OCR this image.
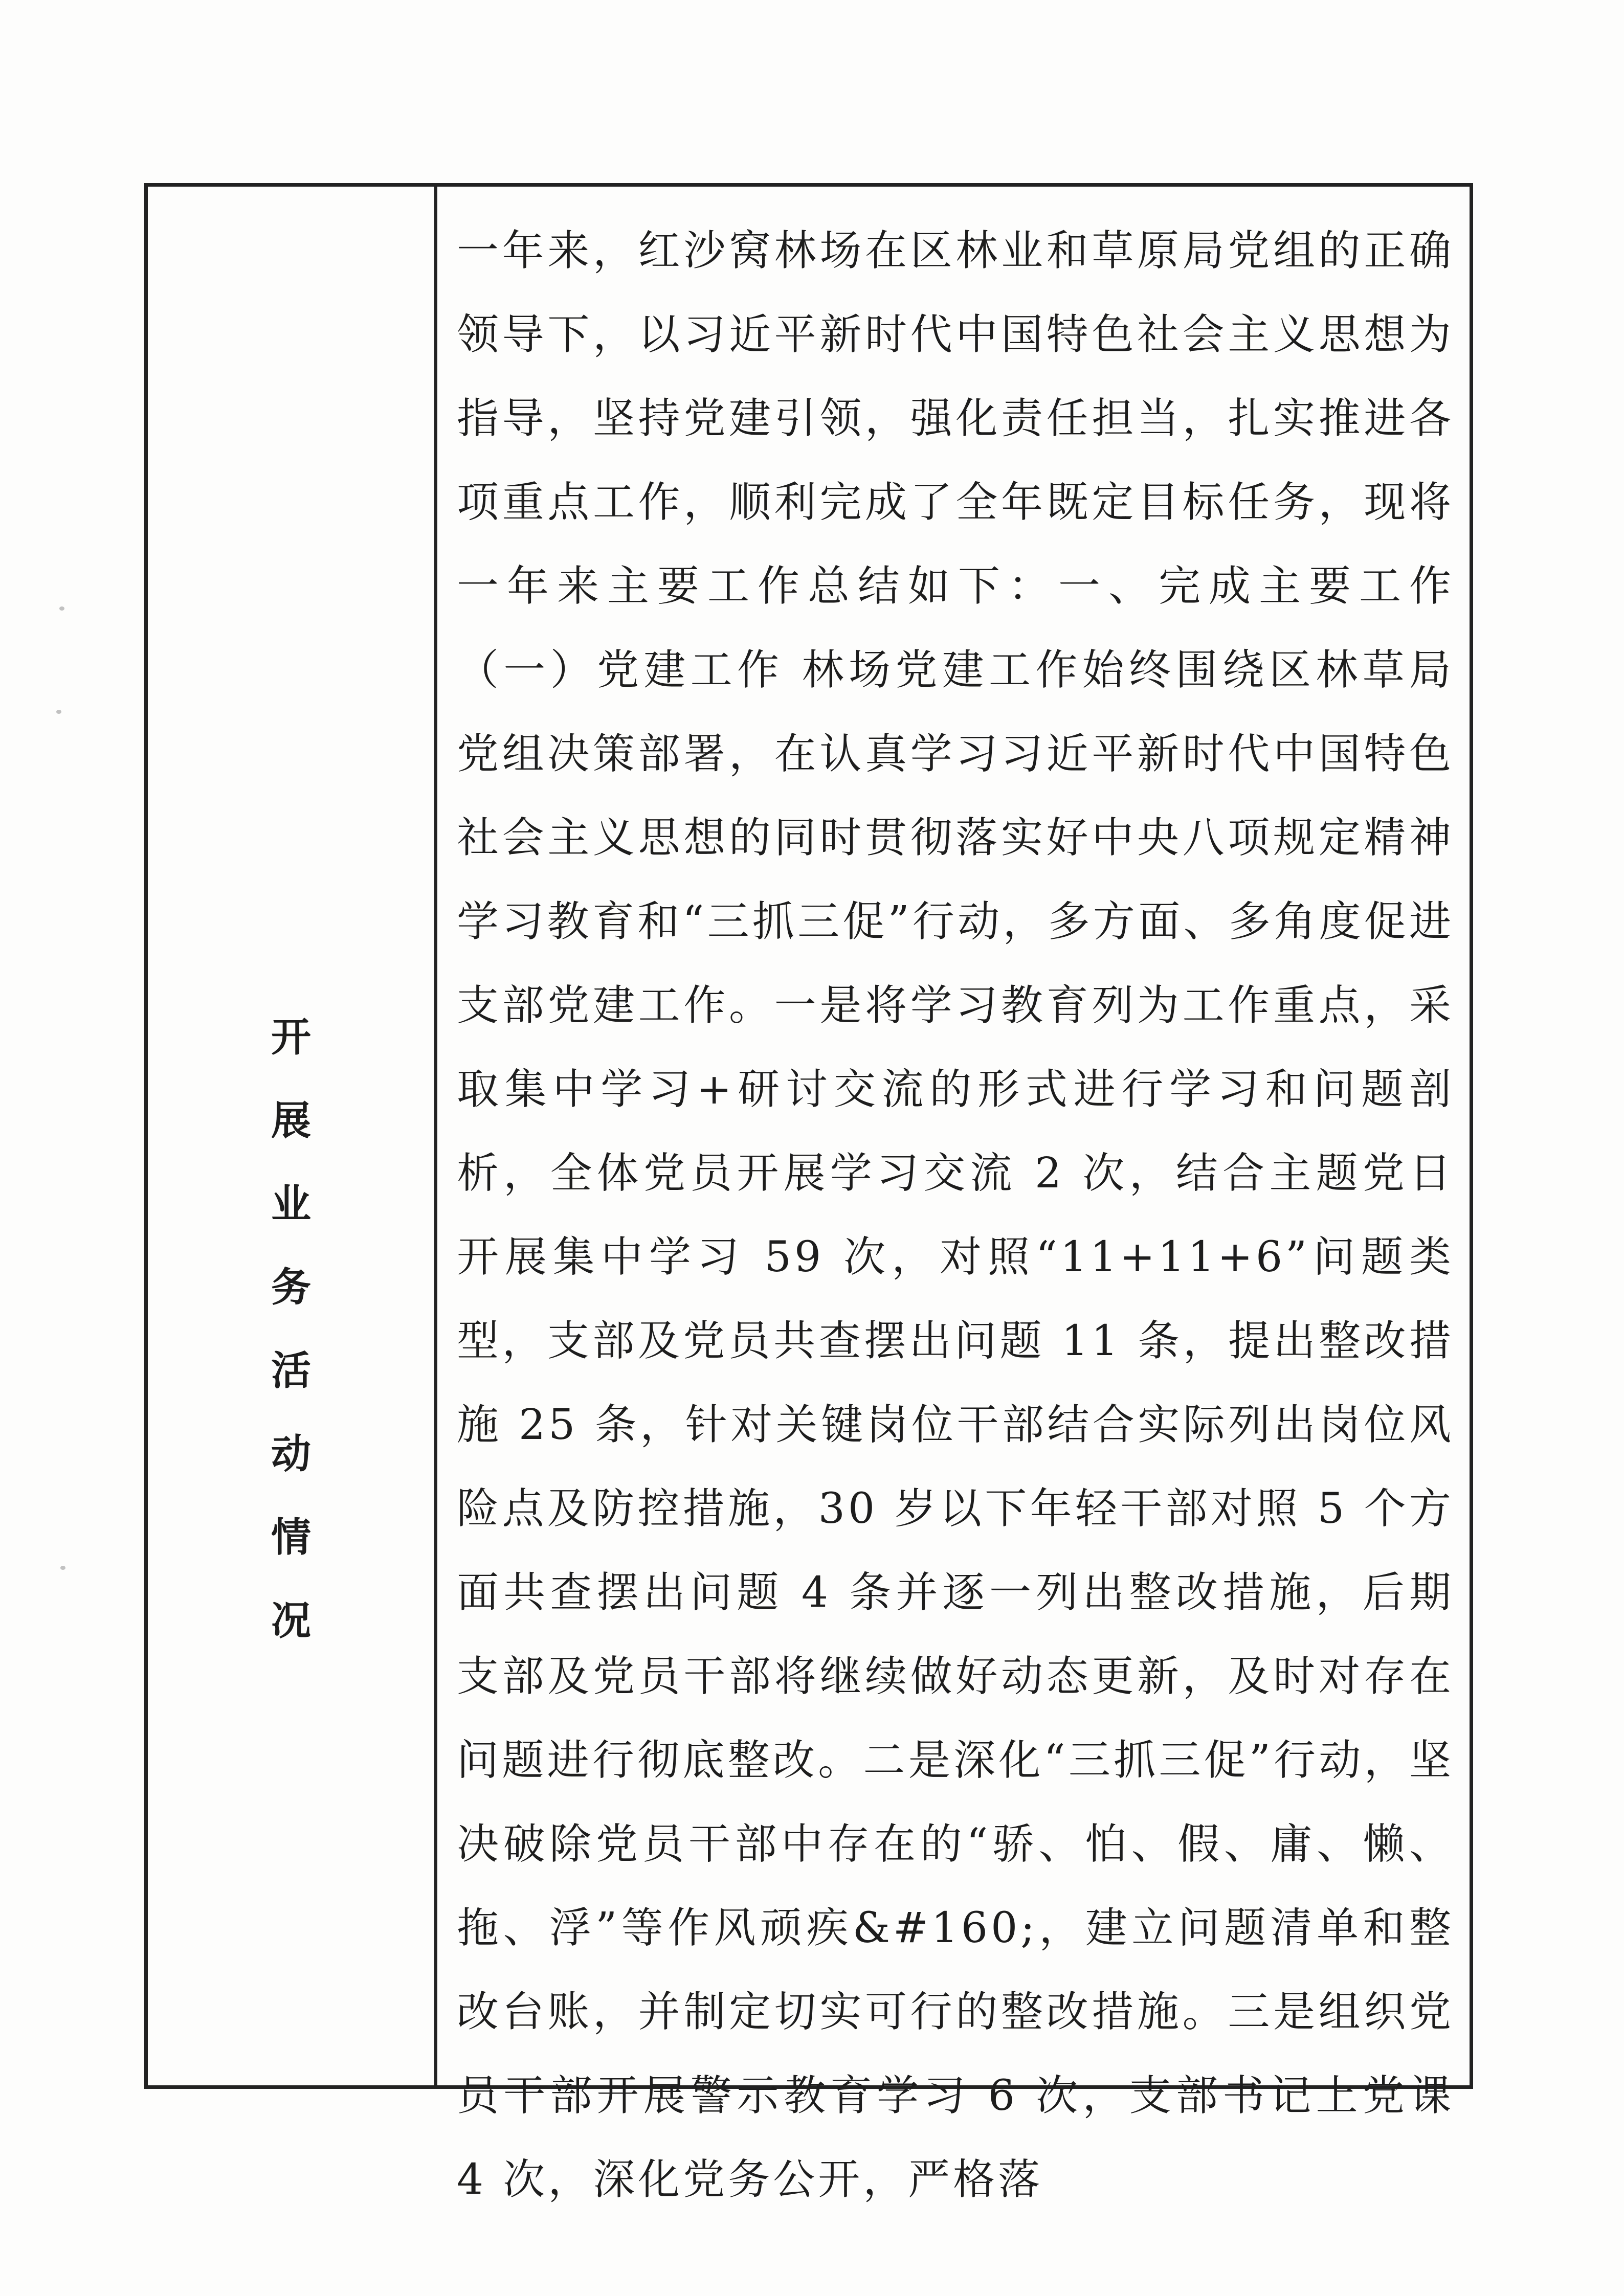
开
展
业
务
活
动
情
况

一年来，红沙窝林场在区林业和草原局党组的正确领导下，以习近平新时代中国特色社会主义思想为指导，坚持党建引领，强化责任担当，扎实推进各项重点工作，顺利完成了全年既定目标任务，现将一年来主要工作总结如下：一、完成主要工作（一）党建工作 林场党建工作始终围绕区林草局党组决策部署，在认真学习习近平新时代中国特色社会主义思想的同时贯彻落实好中央八项规定精神学习教育和“三抓三促”行动，多方面、多角度促进支部党建工作。一是将学习教育列为工作重点，采取集中学习+研讨交流的形式进行学习和问题剖析，全体党员开展学习交流 2 次，结合主题党日开展集中学习 59 次，对照“11+11+6”问题类型，支部及党员共查摆出问题 11 条，提出整改措施 25 条，针对关键岗位干部结合实际列出岗位风险点及防控措施，30 岁以下年轻干部对照 5 个方面共查摆出问题 4 条并逐一列出整改措施，后期支部及党员干部将继续做好动态更新，及时对存在问题进行彻底整改。二是深化“三抓三促”行动，坚决破除党员干部中存在的“骄、怕、假、庸、懒、拖、浮”等作风顽疾&#160;，建立问题清单和整改台账，并制定切实可行的整改措施。三是组织党员干部开展警示教育学习 6 次，支部书记上党课 4 次，深化党务公开，严格落
